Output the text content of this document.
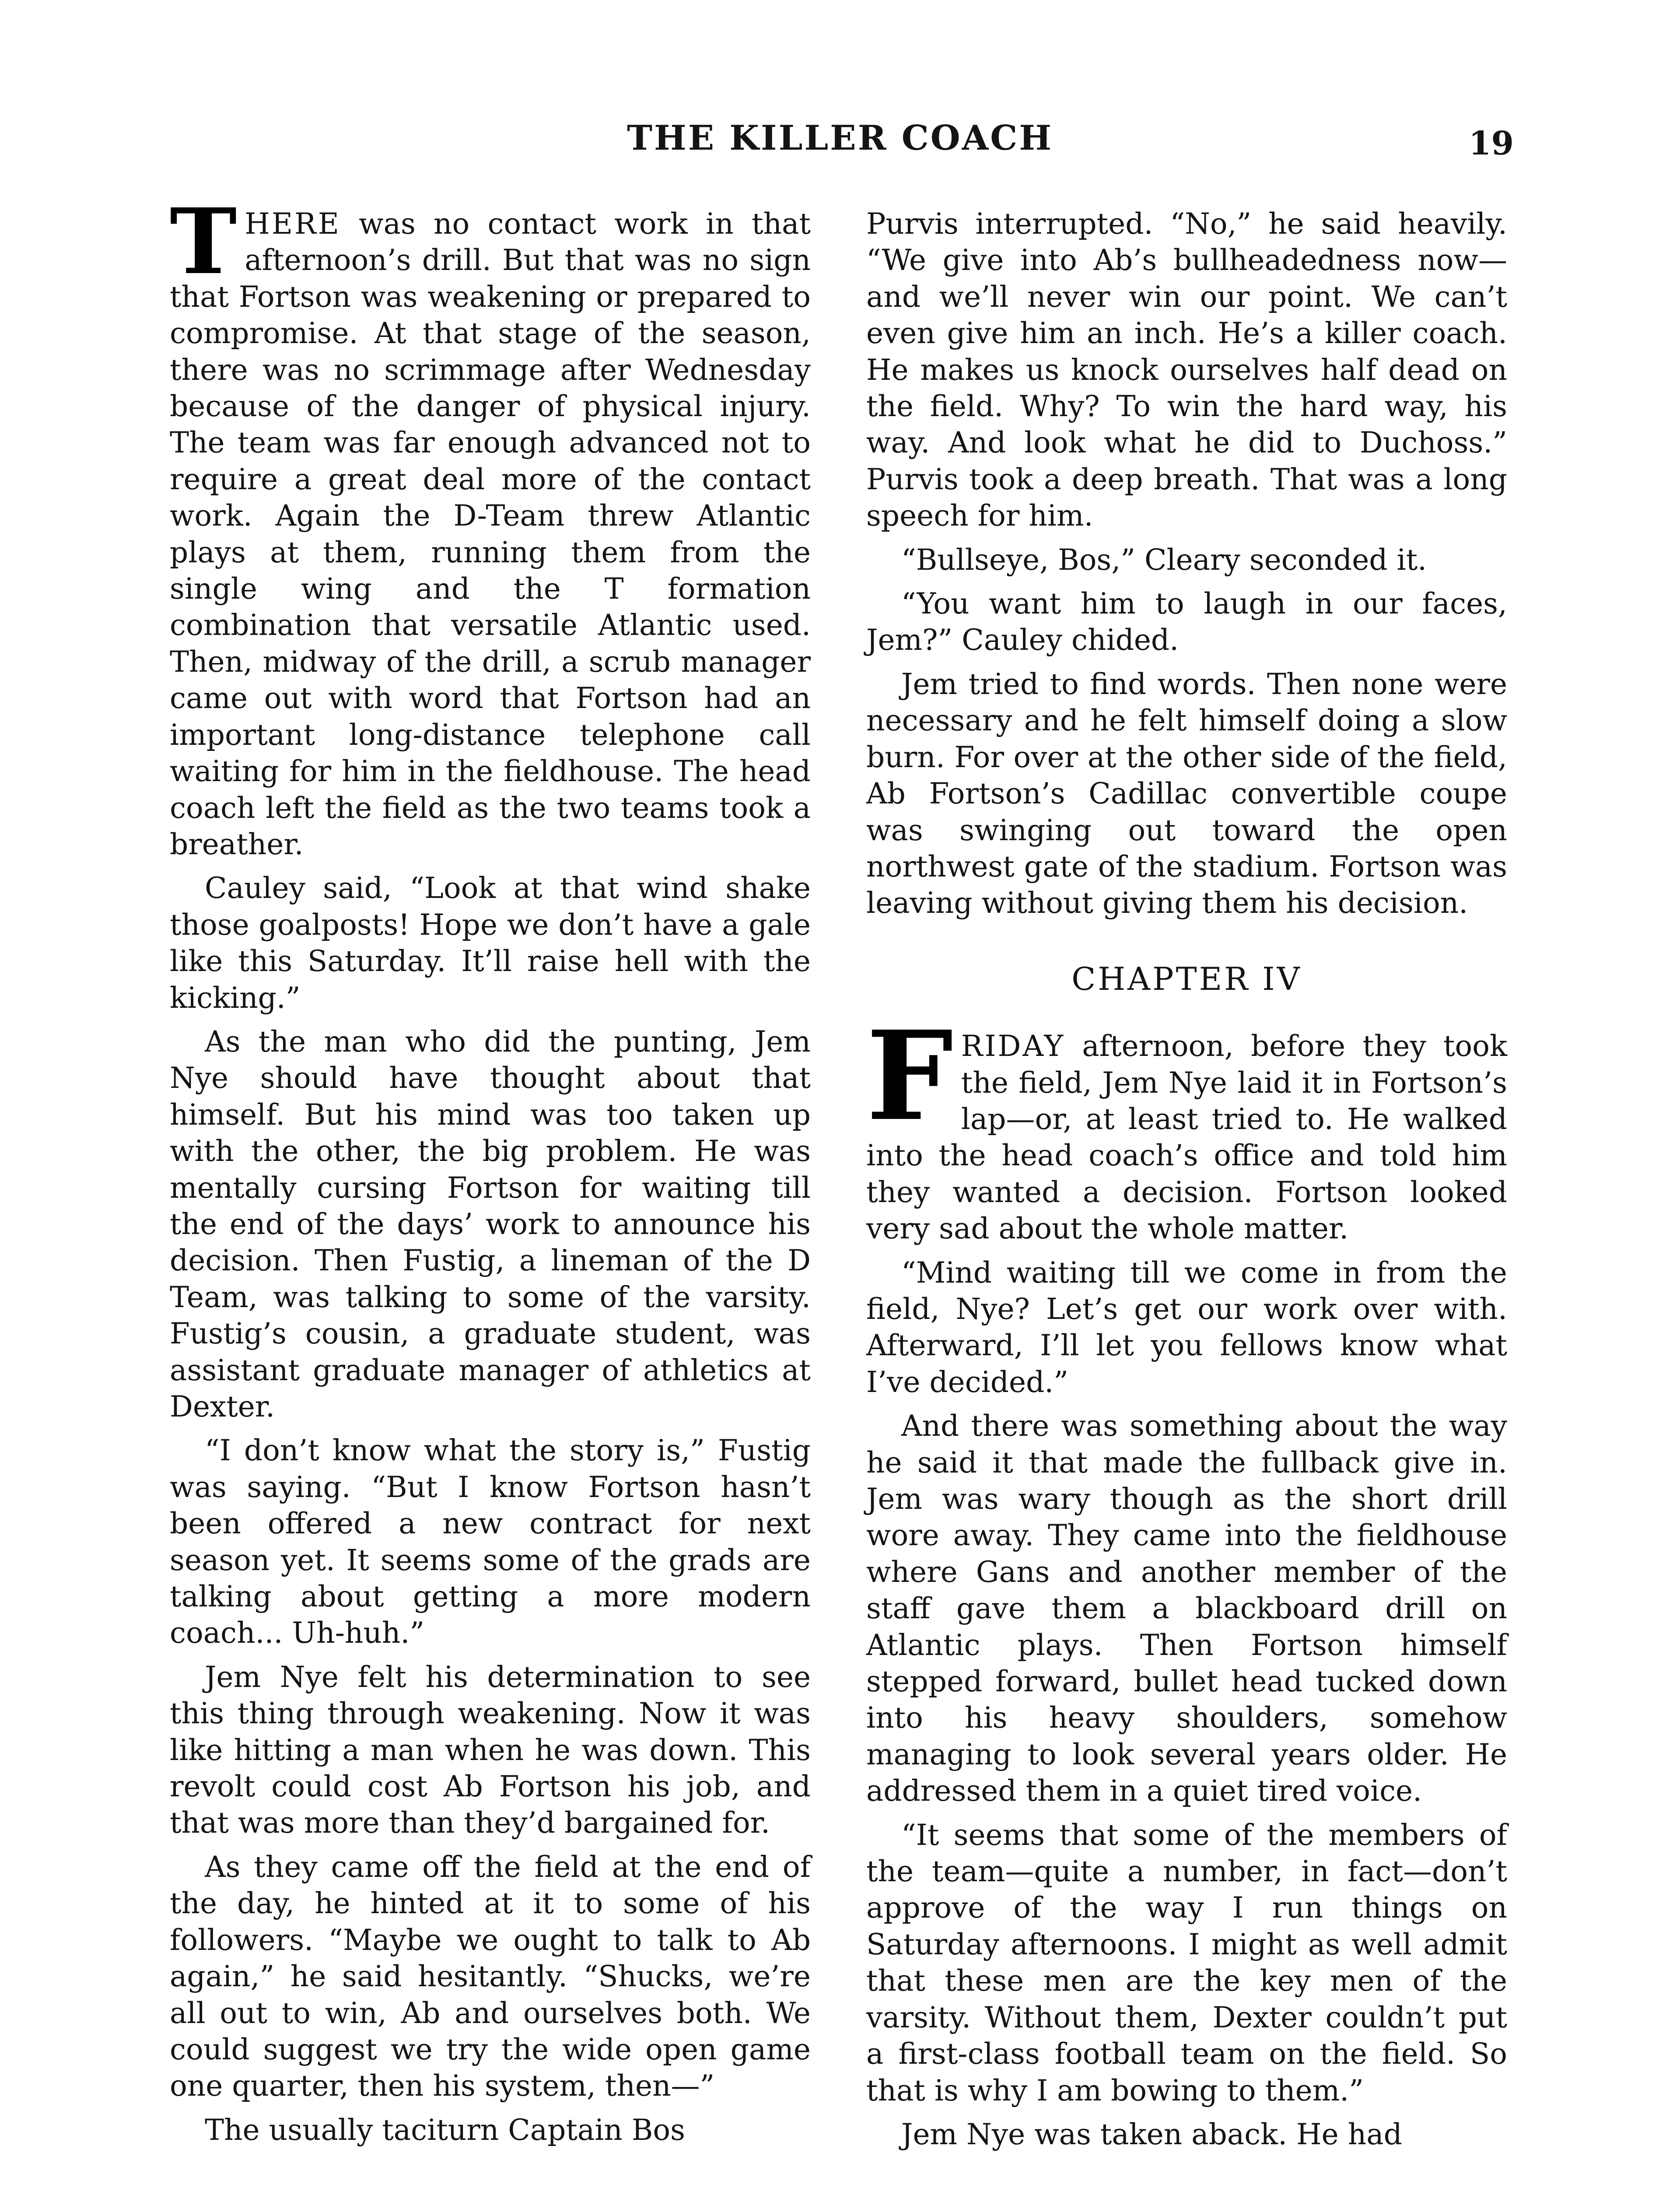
THE KILLER COACH	19

THERE was no contact work in that afternoon’s drill. But that was no sign that Fortson was weakening or prepared to compromise. At that stage of the season, there was no scrimmage after Wednesday because of the danger of physical injury. The team was far enough advanced not to require a great deal more of the contact work. Again the D-Team threw Atlantic plays at them, running them from the single wing and the T formation combination that versatile Atlantic used. Then, midway of the drill, a scrub manager came out with word that Fortson had an important long-distance telephone call waiting for him in the fieldhouse. The head coach left the field as the two teams took a breather.

Cauley said, “Look at that wind shake those goalposts! Hope we don’t have a gale like this Saturday. It’ll raise hell with the kicking.”

As the man who did the punting, Jem Nye should have thought about that himself. But his mind was too taken up with the other, the big problem. He was mentally cursing Fortson for waiting till the end of the days’ work to announce his decision. Then Fustig, a lineman of the D Team, was talking to some of the varsity. Fustig’s cousin, a graduate student, was assistant graduate manager of athletics at Dexter.

“I don’t know what the story is,” Fustig was saying. “But I know Fortson hasn’t been offered a new contract for next season yet. It seems some of the grads are talking about getting a more modern coach... Uh-huh.”

Jem Nye felt his determination to see this thing through weakening. Now it was like hitting a man when he was down. This revolt could cost Ab Fortson his job, and that was more than they’d bargained for.

As they came off the field at the end of the day, he hinted at it to some of his followers. “Maybe we ought to talk to Ab again,” he said hesitantly. “Shucks, we’re all out to win, Ab and ourselves both. We could suggest we try the wide open game one quarter, then his system, then—”

The usually taciturn Captain Bos

Purvis interrupted. “No,” he said heavily. “We give into Ab’s bullheadedness now—and we’ll never win our point. We can’t even give him an inch. He’s a killer coach. He makes us knock ourselves half dead on the field. Why? To win the hard way, his way. And look what he did to Duchoss.” Purvis took a deep breath. That was a long speech for him.

“Bullseye, Bos,” Cleary seconded it.

“You want him to laugh in our faces, Jem?” Cauley chided.

Jem tried to find words. Then none were necessary and he felt himself doing a slow burn. For over at the other side of the field, Ab Fortson’s Cadillac convertible coupe was swinging out toward the open northwest gate of the stadium. Fortson was leaving without giving them his decision.

CHAPTER IV

FRIDAY afternoon, before they took the field, Jem Nye laid it in Fortson’s lap—or, at least tried to. He walked into the head coach’s office and told him they wanted a decision. Fortson looked very sad about the whole matter.

“Mind waiting till we come in from the field, Nye? Let’s get our work over with. Afterward, I’ll let you fellows know what I’ve decided.”

And there was something about the way he said it that made the fullback give in. Jem was wary though as the short drill wore away. They came into the fieldhouse where Gans and another member of the staff gave them a blackboard drill on Atlantic plays. Then Fortson himself stepped forward, bullet head tucked down into his heavy shoulders, somehow managing to look several years older. He addressed them in a quiet tired voice.

“It seems that some of the members of the team—quite a number, in fact—don’t approve of the way I run things on Saturday afternoons. I might as well admit that these men are the key men of the varsity. Without them, Dexter couldn’t put a first-class football team on the field. So that is why I am bowing to them.”

Jem Nye was taken aback. He had
